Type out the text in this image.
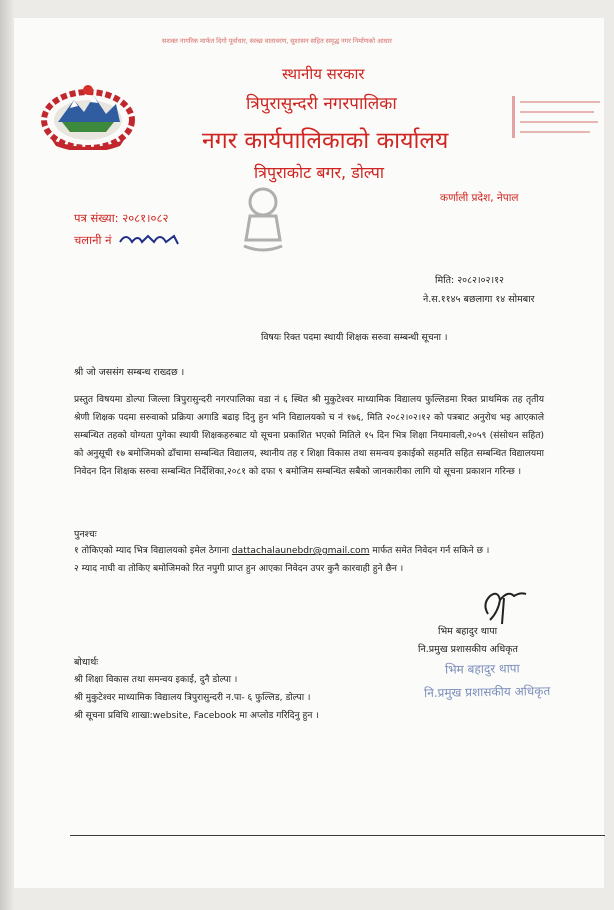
सशक्त नागरिक मार्फत दिगो पूर्वाधार, स्वच्छ वातावरण, सुशासन सहित समृद्ध नगर निर्माणको आधार
स्थानीय सरकार
त्रिपुरासुन्दरी नगरपालिका
नगर कार्यपालिकाको कार्यालय
त्रिपुराकोट बगर, डोल्पा
कर्णाली प्रदेश, नेपाल
पत्र संख्या: २०८१।०८२
चलानी नं
मिति: २०८२।०२।१२
ने.स.११४५ बछलागा १४ सोमबार
विषयः रिक्त पदमा स्थायी शिक्षक सरुवा सम्बन्धी सूचना ।
श्री जो जससंग सम्बन्ध राख्दछ ।
प्रस्तुत विषयमा डोल्पा जिल्ला त्रिपुरासुन्दरी नगरपालिका वडा नं ६ स्थित श्री मुकुटेश्वर माध्यामिक विद्यालय फुल्लिडमा रिक्त प्राथमिक तह तृतीय श्रेणी शिक्षक पदमा सरुवाको प्रक्रिया अगाडि बढाइ दिनु हुन भनि विद्यालयको च नं १७६, मिति २०८२।०२।१२ को पत्रबाट अनुरोध भइ आएकाले सम्बन्धित तहको योग्यता पुगेका स्थायी शिक्षकहरुबाट यो सूचना प्रकाशित भएको मितिले १५ दिन भित्र शिक्षा नियमावली,२०५९ (संसोधन सहित) को अनुसूची १७ बमोजिमको ढाँचामा सम्बन्धित विद्यालय, स्थानीय तह र शिक्षा विकास तथा समन्वय इकाईको सहमति सहित सम्बन्धित विद्यालयमा निवेदन दिन शिक्षक सरुवा सम्बन्धित निर्देशिका,२०८१ को दफा ९ बमोजिम सम्बन्धित सबैको जानकारीका लागि यो सूचना प्रकाशन गरिन्छ ।
पुनश्चः
१ तोकिएको म्याद भित्र विद्यालयको इमेल ठेगाना dattachalaunebdr@gmail.com मार्फत समेत निवेदन गर्न सकिने छ ।
२ म्याद नाघी वा तोकिए बमोजिमको रित नपुगी प्राप्त हुन आएका निवेदन उपर कुनै कारवाही हुने छैन ।
भिम बहादुर थापा
नि.प्रमुख प्रशासकीय अधिकृत
भिम बहादुर थापा
नि.प्रमुख प्रशासकीय अधिकृत
बोधार्थः
श्री शिक्षा विकास तथा समन्वय इकाई, दुनै डोल्पा ।
श्री मुकुटेश्वर माध्यामिक विद्यालय त्रिपुरासुन्दरी न.पा- ६ फुल्लिड, डोल्पा ।
श्री सूचना प्रविधि शाखा:website, Facebook मा अप्लोड गरिदिनु हुन ।
